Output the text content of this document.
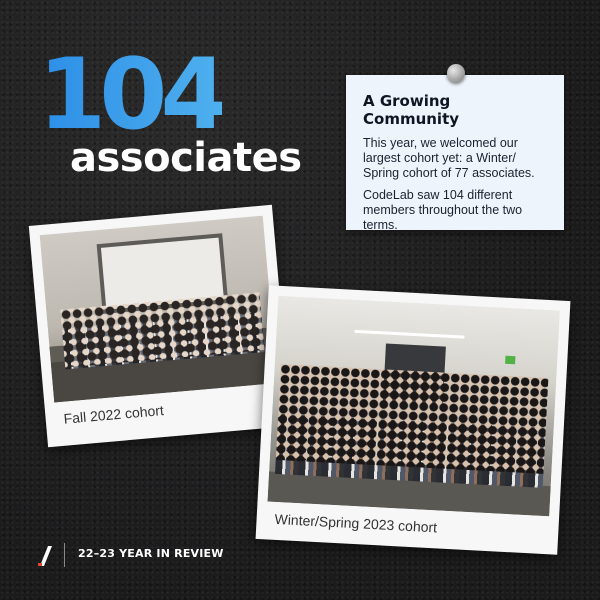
104
associates
A Growing Community

This year, we welcomed our largest cohort yet: a Winter/ Spring cohort of 77 associates.

CodeLab saw 104 different members throughout the two terms.

Fall 2022 cohort
Winter/Spring 2023 cohort
22–23 YEAR IN REVIEW
